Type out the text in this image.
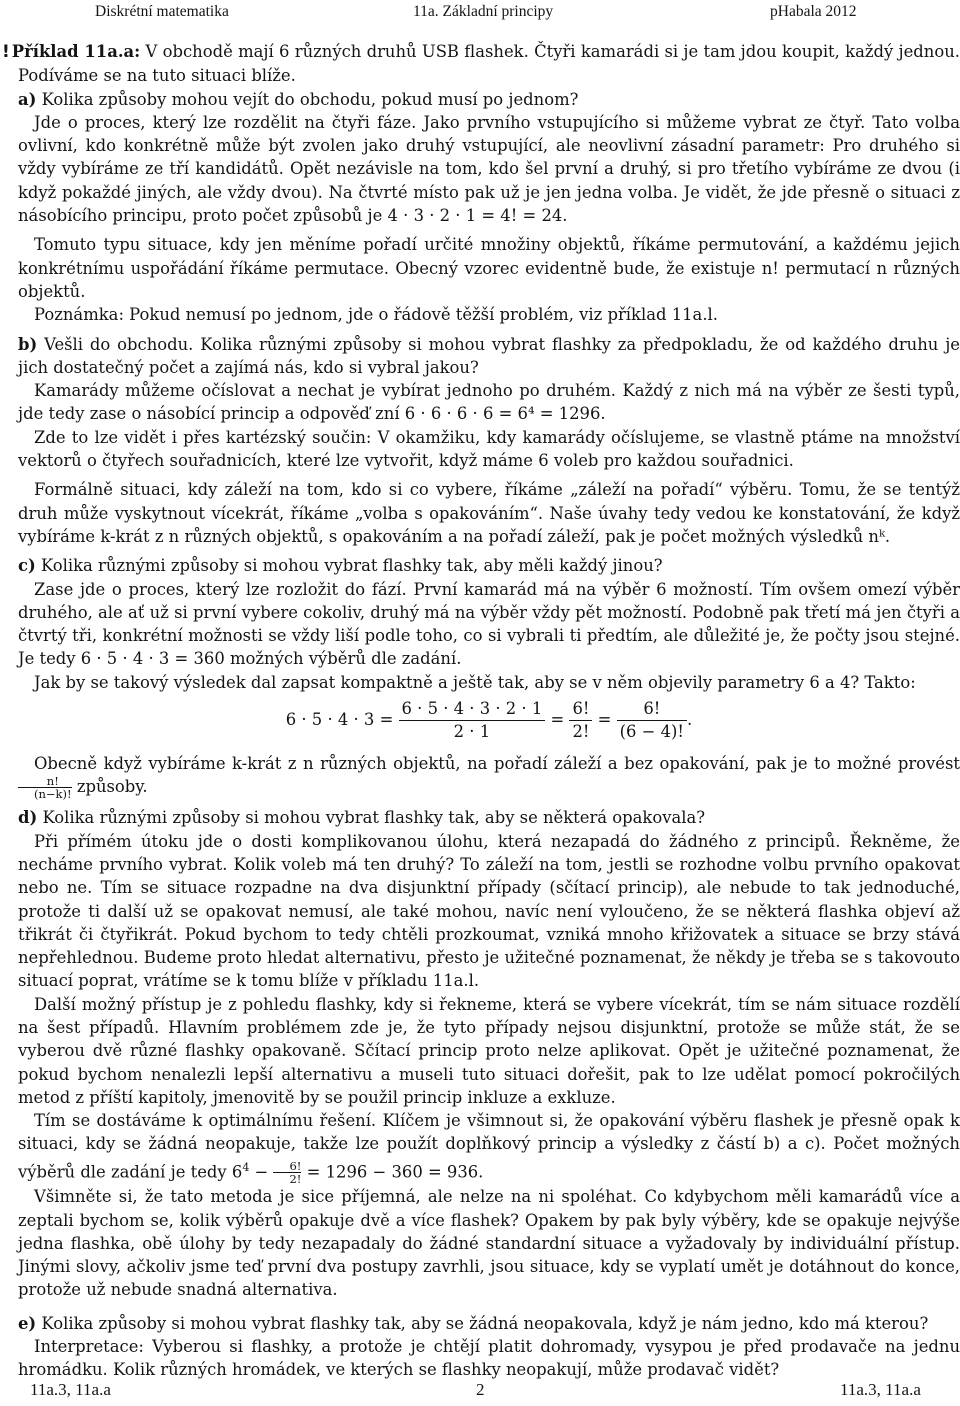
Diskrétní matematika	11a. Základní principy	pHabala 2012

! Příklad 11a.a: V obchodě mají 6 různých druhů USB flashek. Čtyři kamarádi si je tam jdou koupit, každý jednou. Podíváme se na tuto situaci blíže.

a) Kolika způsoby mohou vejít do obchodu, pokud musí po jednom?

Jde o proces, který lze rozdělit na čtyři fáze. Jako prvního vstupujícího si můžeme vybrat ze čtyř. Tato volba ovlivní, kdo konkrétně může být zvolen jako druhý vstupující, ale neovlivní zásadní parametr: Pro druhého si vždy vybíráme ze tří kandidátů. Opět nezávisle na tom, kdo šel první a druhý, si pro třetího vybíráme ze dvou (i když pokaždé jiných, ale vždy dvou). Na čtvrté místo pak už je jen jedna volba. Je vidět, že jde přesně o situaci z násobícího principu, proto počet způsobů je 4 · 3 · 2 · 1 = 4! = 24.

Tomuto typu situace, kdy jen měníme pořadí určité množiny objektů, říkáme permutování, a každému jejich konkrétnímu uspořádání říkáme permutace. Obecný vzorec evidentně bude, že existuje n! permutací n různých objektů.

Poznámka: Pokud nemusí po jednom, jde o řádově těžší problém, viz příklad 11a.l.

b) Vešli do obchodu. Kolika různými způsoby si mohou vybrat flashky za předpokladu, že od každého druhu je jich dostatečný počet a zajímá nás, kdo si vybral jakou?

Kamarády můžeme očíslovat a nechat je vybírat jednoho po druhém. Každý z nich má na výběr ze šesti typů, jde tedy zase o násobící princip a odpověď zní 6 · 6 · 6 · 6 = 6⁴ = 1296.

Zde to lze vidět i přes kartézský součin: V okamžiku, kdy kamarády očíslujeme, se vlastně ptáme na množství vektorů o čtyřech souřadnicích, které lze vytvořit, když máme 6 voleb pro každou souřadnici.

Formálně situaci, kdy záleží na tom, kdo si co vybere, říkáme „záleží na pořadí“ výběru. Tomu, že se tentýž druh může vyskytnout vícekrát, říkáme „volba s opakováním“. Naše úvahy tedy vedou ke konstatování, že když vybíráme k-krát z n různých objektů, s opakováním a na pořadí záleží, pak je počet možných výsledků nᵏ.

c) Kolika různými způsoby si mohou vybrat flashky tak, aby měli každý jinou?

Zase jde o proces, který lze rozložit do fází. První kamarád má na výběr 6 možností. Tím ovšem omezí výběr druhého, ale ať už si první vybere cokoliv, druhý má na výběr vždy pět možností. Podobně pak třetí má jen čtyři a čtvrtý tři, konkrétní možnosti se vždy liší podle toho, co si vybrali ti předtím, ale důležité je, že počty jsou stejné. Je tedy 6 · 5 · 4 · 3 = 360 možných výběrů dle zadání.

Jak by se takový výsledek dal zapsat kompaktně a ještě tak, aby se v něm objevily parametry 6 a 4? Takto:

$6 \cdot 5 \cdot 4 \cdot 3 = \frac{6 \cdot 5 \cdot 4 \cdot 3 \cdot 2 \cdot 1}{2 \cdot 1} = \frac{6!}{2!} = \frac{6!}{(6 - 4)!}$ .

Obecně když vybíráme k-krát z n různých objektů, na pořadí záleží a bez opakování, pak je to možné provést
$\frac{n!}{(n-k)!}$ způsoby.

d) Kolika různými způsoby si mohou vybrat flashky tak, aby se některá opakovala?

Při přímém útoku jde o dosti komplikovanou úlohu, která nezapadá do žádného z principů. Řekněme, že necháme prvního vybrat. Kolik voleb má ten druhý? To záleží na tom, jestli se rozhodne volbu prvního opakovat nebo ne. Tím se situace rozpadne na dva disjunktní případy (sčítací princip), ale nebude to tak jednoduché, protože ti další už se opakovat nemusí, ale také mohou, navíc není vyloučeno, že se některá flashka objeví až třikrát či čtyřikrát. Pokud bychom to tedy chtěli prozkoumat, vzniká mnoho křižovatek a situace se brzy stává nepřehlednou. Budeme proto hledat alternativu, přesto je užitečné poznamenat, že někdy je třeba se s takovouto situací poprat, vrátíme se k tomu blíže v příkladu 11a.l.

Další možný přístup je z pohledu flashky, kdy si řekneme, která se vybere vícekrát, tím se nám situace rozdělí na šest případů. Hlavním problémem zde je, že tyto případy nejsou disjunktní, protože se může stát, že se vyberou dvě různé flashky opakovaně. Sčítací princip proto nelze aplikovat. Opět je užitečné poznamenat, že pokud bychom nenalezli lepší alternativu a museli tuto situaci dořešit, pak to lze udělat pomocí pokročilých metod z příští kapitoly, jmenovitě by se použil princip inkluze a exkluze.

Tím se dostáváme k optimálnímu řešení. Klíčem je všimnout si, že opakování výběru flashek je přesně opak k situaci, kdy se žádná neopakuje, takže lze použít doplňkový princip a výsledky z částí b) a c). Počet možných výběrů dle zadání je tedy $6^4 - \frac{6!}{2!} = 1296 - 360 = 936$.

Všimněte si, že tato metoda je sice příjemná, ale nelze na ni spoléhat. Co kdybychom měli kamarádů více a zeptali bychom se, kolik výběrů opakuje dvě a více flashek? Opakem by pak byly výběry, kde se opakuje nejvýše jedna flashka, obě úlohy by tedy nezapadaly do žádné standardní situace a vyžadovaly by individuální přístup. Jinými slovy, ačkoliv jsme teď první dva postupy zavrhli, jsou situace, kdy se vyplatí umět je dotáhnout do konce, protože už nebude snadná alternativa.

e) Kolika způsoby si mohou vybrat flashky tak, aby se žádná neopakovala, když je nám jedno, kdo má kterou?

Interpretace: Vyberou si flashky, a protože je chtějí platit dohromady, vysypou je před prodavače na jednu hromádku. Kolik různých hromádek, ve kterých se flashky neopakují, může prodavač vidět?

11a.3, 11a.a	2	11a.3, 11a.a
